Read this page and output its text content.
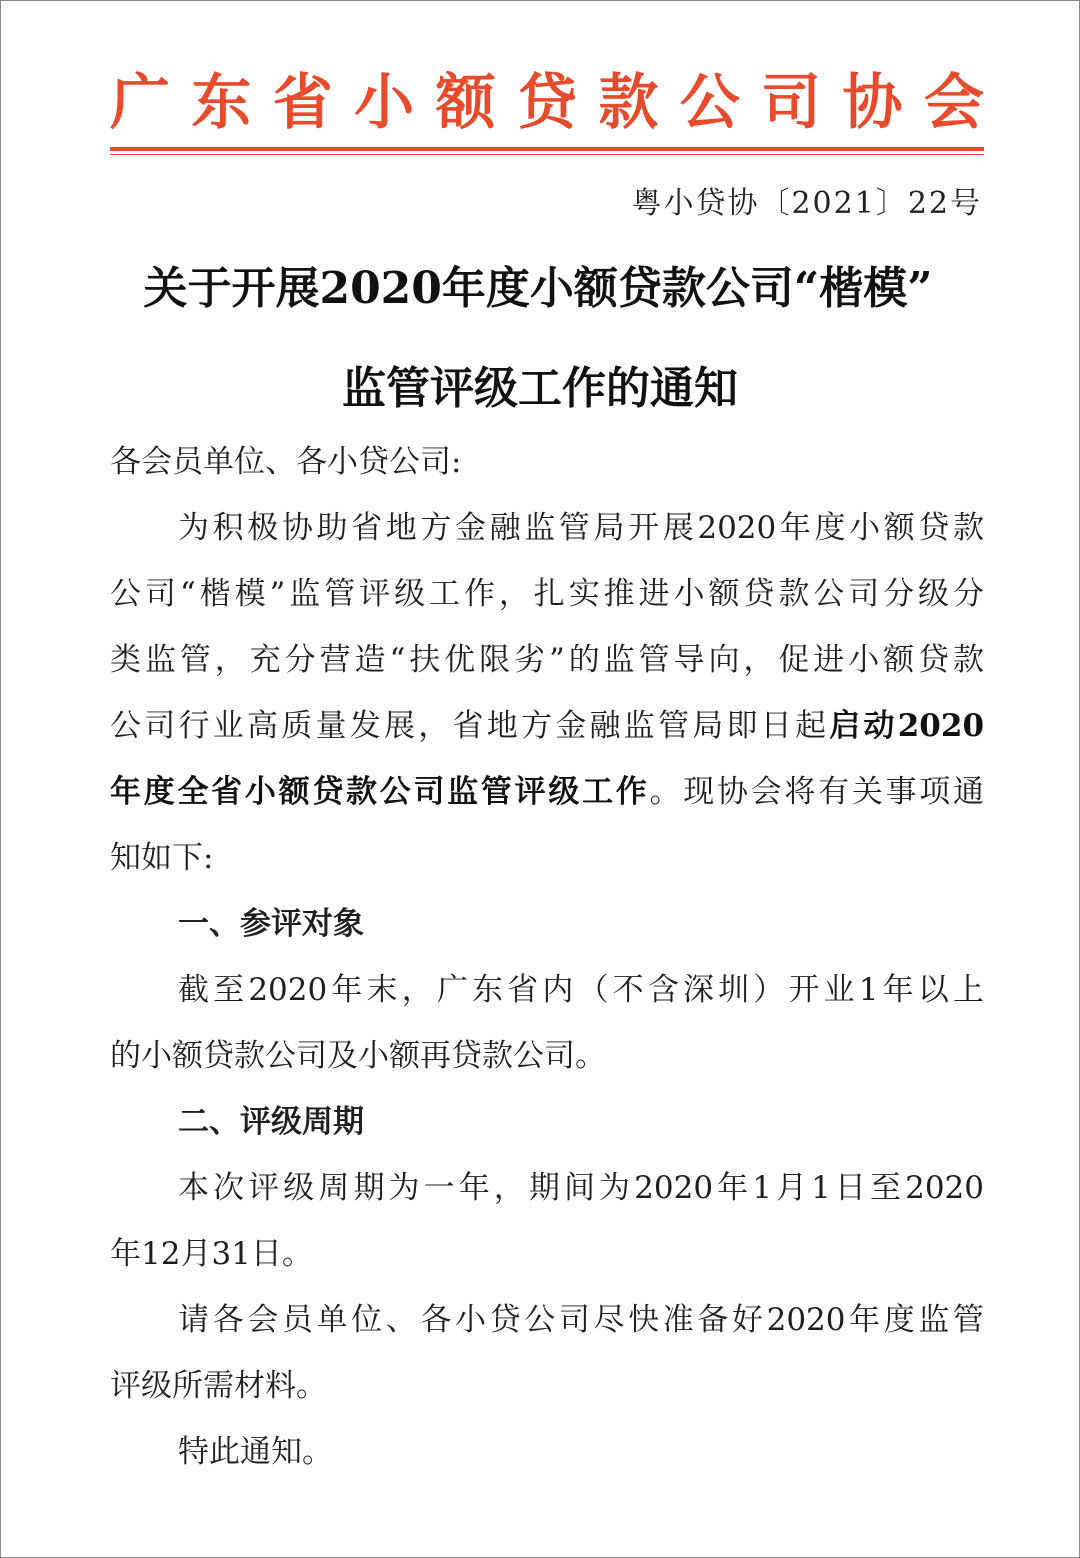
广 东 省 小 额 贷 款 公 司 协 会
粤小贷协〔2021〕22号
关于开展2020年度小额贷款公司“楷模”
监管评级工作的通知
各会员单位、各小贷公司:
为积极协助省地方金融监管局开展2020年度小额贷款
公司“楷模”监管评级工作，扎实推进小额贷款公司分级分
类监管，充分营造“扶优限劣”的监管导向，促进小额贷款
公司行业高质量发展，省地方金融监管局即日起启动2020
年度全省小额贷款公司监管评级工作。现协会将有关事项通
知如下:
一、参评对象
截至2020年末，广东省内（不含深圳）开业1年以上
的小额贷款公司及小额再贷款公司。
二、评级周期
本次评级周期为一年，期间为2020年1月1日至2020
年12月31日。
请各会员单位、各小贷公司尽快准备好2020年度监管
评级所需材料。
特此通知。
